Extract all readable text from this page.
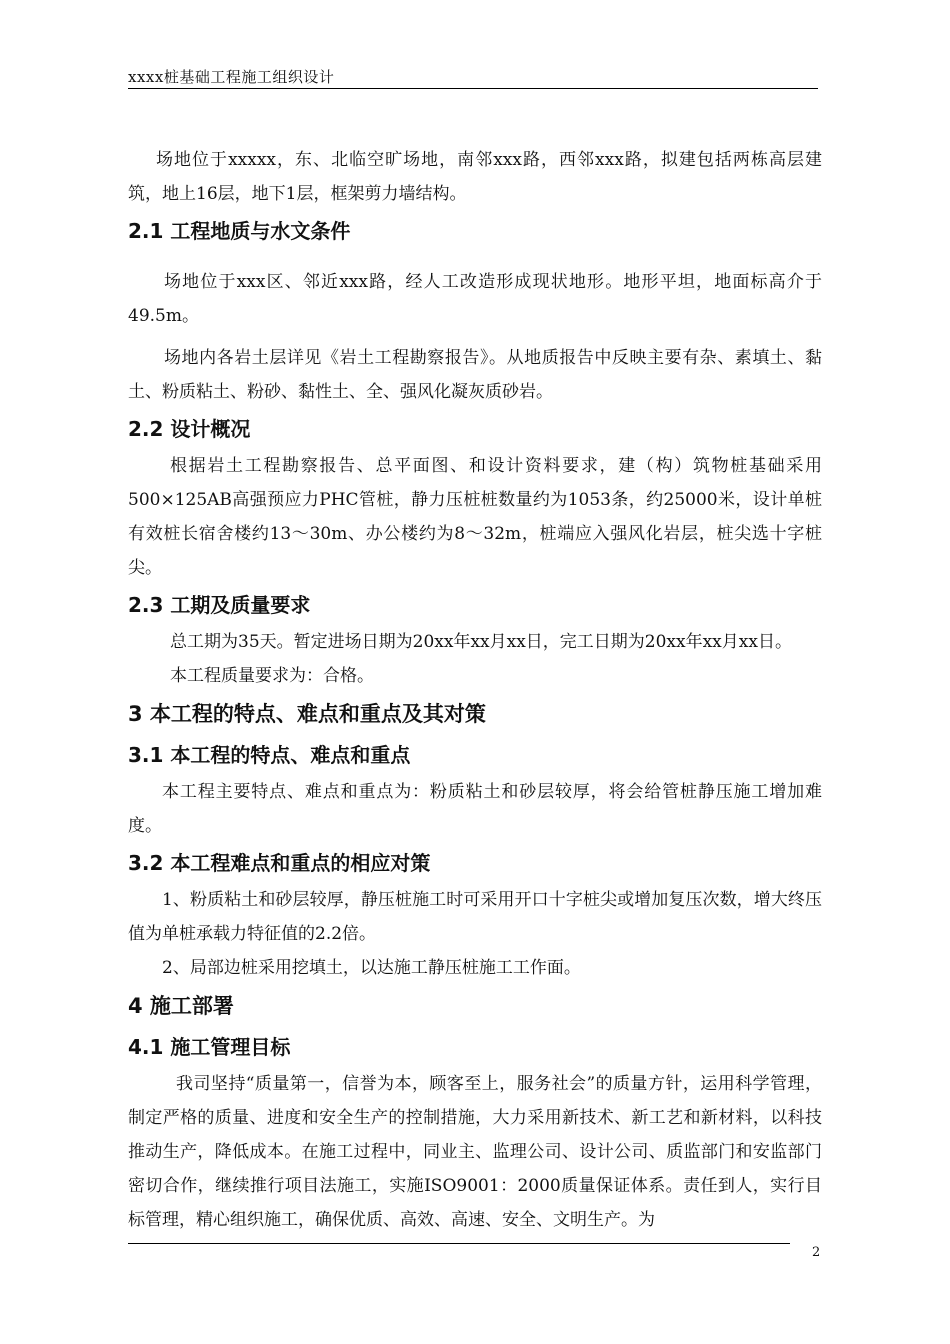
xxxx桩基础工程施工组织设计
场地位于xxxxx，东、北临空旷场地，南邻xxx路，西邻xxx路，拟建包括两栋高层建筑，地上16层，地下1层，框架剪力墙结构。
2.1 工程地质与水文条件
场地位于xxx区、邻近xxx路，经人工改造形成现状地形。地形平坦，地面标高介于49.5m。
场地内各岩土层详见《岩土工程勘察报告》。从地质报告中反映主要有杂、素填土、黏土、粉质粘土、粉砂、黏性土、全、强风化凝灰质砂岩。
2.2 设计概况
根据岩土工程勘察报告、总平面图、和设计资料要求，建（构）筑物桩基础采用500×125AB高强预应力PHC管桩，静力压桩桩数量约为1053条，约25000米，设计单桩有效桩长宿舍楼约13～30m、办公楼约为8～32m，桩端应入强风化岩层，桩尖选十字桩尖。
2.3 工期及质量要求
总工期为35天。暂定进场日期为20xx年xx月xx日，完工日期为20xx年xx月xx日。
本工程质量要求为：合格。
3 本工程的特点、难点和重点及其对策
3.1 本工程的特点、难点和重点
本工程主要特点、难点和重点为：粉质粘土和砂层较厚，将会给管桩静压施工增加难度。
3.2 本工程难点和重点的相应对策
1、粉质粘土和砂层较厚，静压桩施工时可采用开口十字桩尖或增加复压次数，增大终压值为单桩承载力特征值的2.2倍。
2、局部边桩采用挖填土，以达施工静压桩施工工作面。
4 施工部署
4.1 施工管理目标
我司坚持“质量第一，信誉为本，顾客至上，服务社会”的质量方针，运用科学管理，制定严格的质量、进度和安全生产的控制措施，大力采用新技术、新工艺和新材料，以科技推动生产，降低成本。在施工过程中，同业主、监理公司、设计公司、质监部门和安监部门密切合作，继续推行项目法施工，实施ISO9001：2000质量保证体系。责任到人，实行目标管理，精心组织施工，确保优质、高效、高速、安全、文明生产。为
2
